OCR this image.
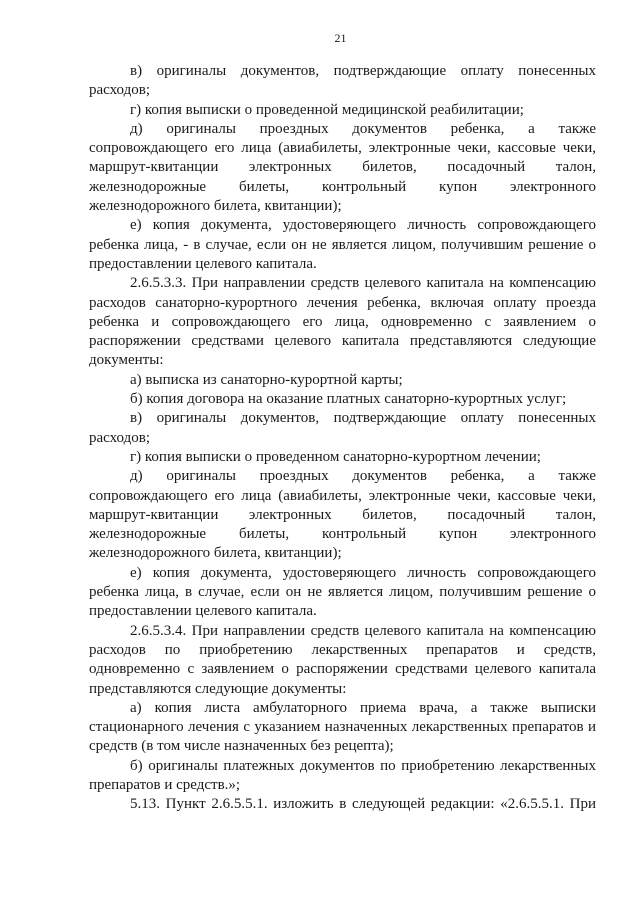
21

в) оригиналы документов, подтверждающие оплату понесенных расходов;

г) копия выписки о проведенной медицинской реабилитации;

д) оригиналы проездных документов ребенка, а также сопровождающего его лица (авиабилеты, электронные чеки, кассовые чеки, маршрут-квитанции электронных билетов, посадочный талон, железнодорожные билеты, контрольный купон электронного железнодорожного билета, квитанции);

е) копия документа, удостоверяющего личность сопровождающего ребенка лица, - в случае, если он не является лицом, получившим решение о предоставлении целевого капитала.

2.6.5.3.3. При направлении средств целевого капитала на компенсацию расходов санаторно-курортного лечения ребенка, включая оплату проезда ребенка и сопровождающего его лица, одновременно с заявлением о распоряжении средствами целевого капитала представляются следующие документы:

а) выписка из санаторно-курортной карты;

б) копия договора на оказание платных санаторно-курортных услуг;

в) оригиналы документов, подтверждающие оплату понесенных расходов;

г) копия выписки о проведенном санаторно-курортном лечении;

д) оригиналы проездных документов ребенка, а также сопровождающего его лица (авиабилеты, электронные чеки, кассовые чеки, маршрут-квитанции электронных билетов, посадочный талон, железнодорожные билеты, контрольный купон электронного железнодорожного билета, квитанции);

е) копия документа, удостоверяющего личность сопровождающего ребенка лица, в случае, если он не является лицом, получившим решение о предоставлении целевого капитала.

2.6.5.3.4. При направлении средств целевого капитала на компенсацию расходов по приобретению лекарственных препаратов и средств, одновременно с заявлением о распоряжении средствами целевого капитала представляются следующие документы:

а) копия листа амбулаторного приема врача, а также выписки стационарного лечения с указанием назначенных лекарственных препаратов и средств (в том числе назначенных без рецепта);

б) оригиналы платежных документов по приобретению лекарственных препаратов и средств.»;

5.13. Пункт 2.6.5.5.1. изложить в следующей редакции: «2.6.5.5.1. При
